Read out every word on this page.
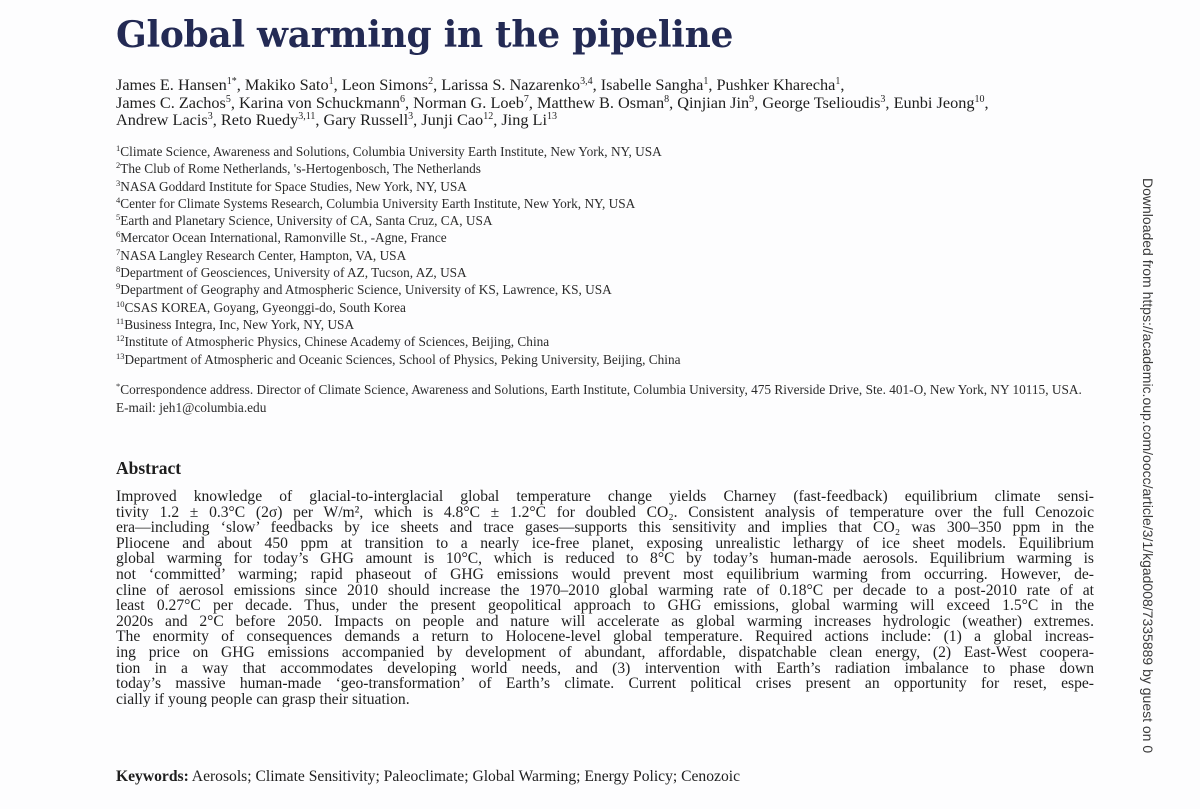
Global warming in the pipeline
James E. Hansen$^{1*}$, Makiko Sato$^1$, Leon Simons$^2$, Larissa S. Nazarenko$^{3,4}$, Isabelle Sangha$^1$, Pushker Kharecha$^1$,
James C. Zachos$^5$, Karina von Schuckmann$^6$, Norman G. Loeb$^7$, Matthew B. Osman$^8$, Qinjian Jin$^9$, George Tselioudis$^3$, Eunbi Jeong$^{10}$,
Andrew Lacis$^3$, Reto Ruedy$^{3,11}$, Gary Russell$^3$, Junji Cao$^{12}$, Jing Li$^{13}$
$^1$Climate Science, Awareness and Solutions, Columbia University Earth Institute, New York, NY, USA
$^2$The Club of Rome Netherlands, 's-Hertogenbosch, The Netherlands
$^3$NASA Goddard Institute for Space Studies, New York, NY, USA
$^4$Center for Climate Systems Research, Columbia University Earth Institute, New York, NY, USA
$^5$Earth and Planetary Science, University of CA, Santa Cruz, CA, USA
$^6$Mercator Ocean International, Ramonville St., -Agne, France
$^7$NASA Langley Research Center, Hampton, VA, USA
$^8$Department of Geosciences, University of AZ, Tucson, AZ, USA
$^9$Department of Geography and Atmospheric Science, University of KS, Lawrence, KS, USA
$^{10}$CSAS KOREA, Goyang, Gyeonggi-do, South Korea
$^{11}$Business Integra, Inc, New York, NY, USA
$^{12}$Institute of Atmospheric Physics, Chinese Academy of Sciences, Beijing, China
$^{13}$Department of Atmospheric and Oceanic Sciences, School of Physics, Peking University, Beijing, China
*Correspondence address. Director of Climate Science, Awareness and Solutions, Earth Institute, Columbia University, 475 Riverside Drive, Ste. 401-O, New York, NY 10115, USA. E-mail: jeh1@columbia.edu
Abstract
Improved knowledge of glacial-to-interglacial global temperature change yields Charney (fast-feedback) equilibrium climate sensi-
tivity 1.2 ± 0.3°C (2σ) per W/m², which is 4.8°C ± 1.2°C for doubled CO₂. Consistent analysis of temperature over the full Cenozoic
era—including ‘slow’ feedbacks by ice sheets and trace gases—supports this sensitivity and implies that CO₂ was 300–350 ppm in the
Pliocene and about 450 ppm at transition to a nearly ice-free planet, exposing unrealistic lethargy of ice sheet models. Equilibrium
global warming for today’s GHG amount is 10°C, which is reduced to 8°C by today’s human-made aerosols. Equilibrium warming is
not ‘committed’ warming; rapid phaseout of GHG emissions would prevent most equilibrium warming from occurring. However, de-
cline of aerosol emissions since 2010 should increase the 1970–2010 global warming rate of 0.18°C per decade to a post-2010 rate of at
least 0.27°C per decade. Thus, under the present geopolitical approach to GHG emissions, global warming will exceed 1.5°C in the
2020s and 2°C before 2050. Impacts on people and nature will accelerate as global warming increases hydrologic (weather) extremes.
The enormity of consequences demands a return to Holocene-level global temperature. Required actions include: (1) a global increas-
ing price on GHG emissions accompanied by development of abundant, affordable, dispatchable clean energy, (2) East-West coopera-
tion in a way that accommodates developing world needs, and (3) intervention with Earth’s radiation imbalance to phase down
today’s massive human-made ‘geo-transformation’ of Earth’s climate. Current political crises present an opportunity for reset, espe-
cially if young people can grasp their situation.
Keywords: Aerosols; Climate Sensitivity; Paleoclimate; Global Warming; Energy Policy; Cenozoic
Downloaded from https://academic.oup.com/oocc/article/3/1/kgad008/7335889 by guest on 0
